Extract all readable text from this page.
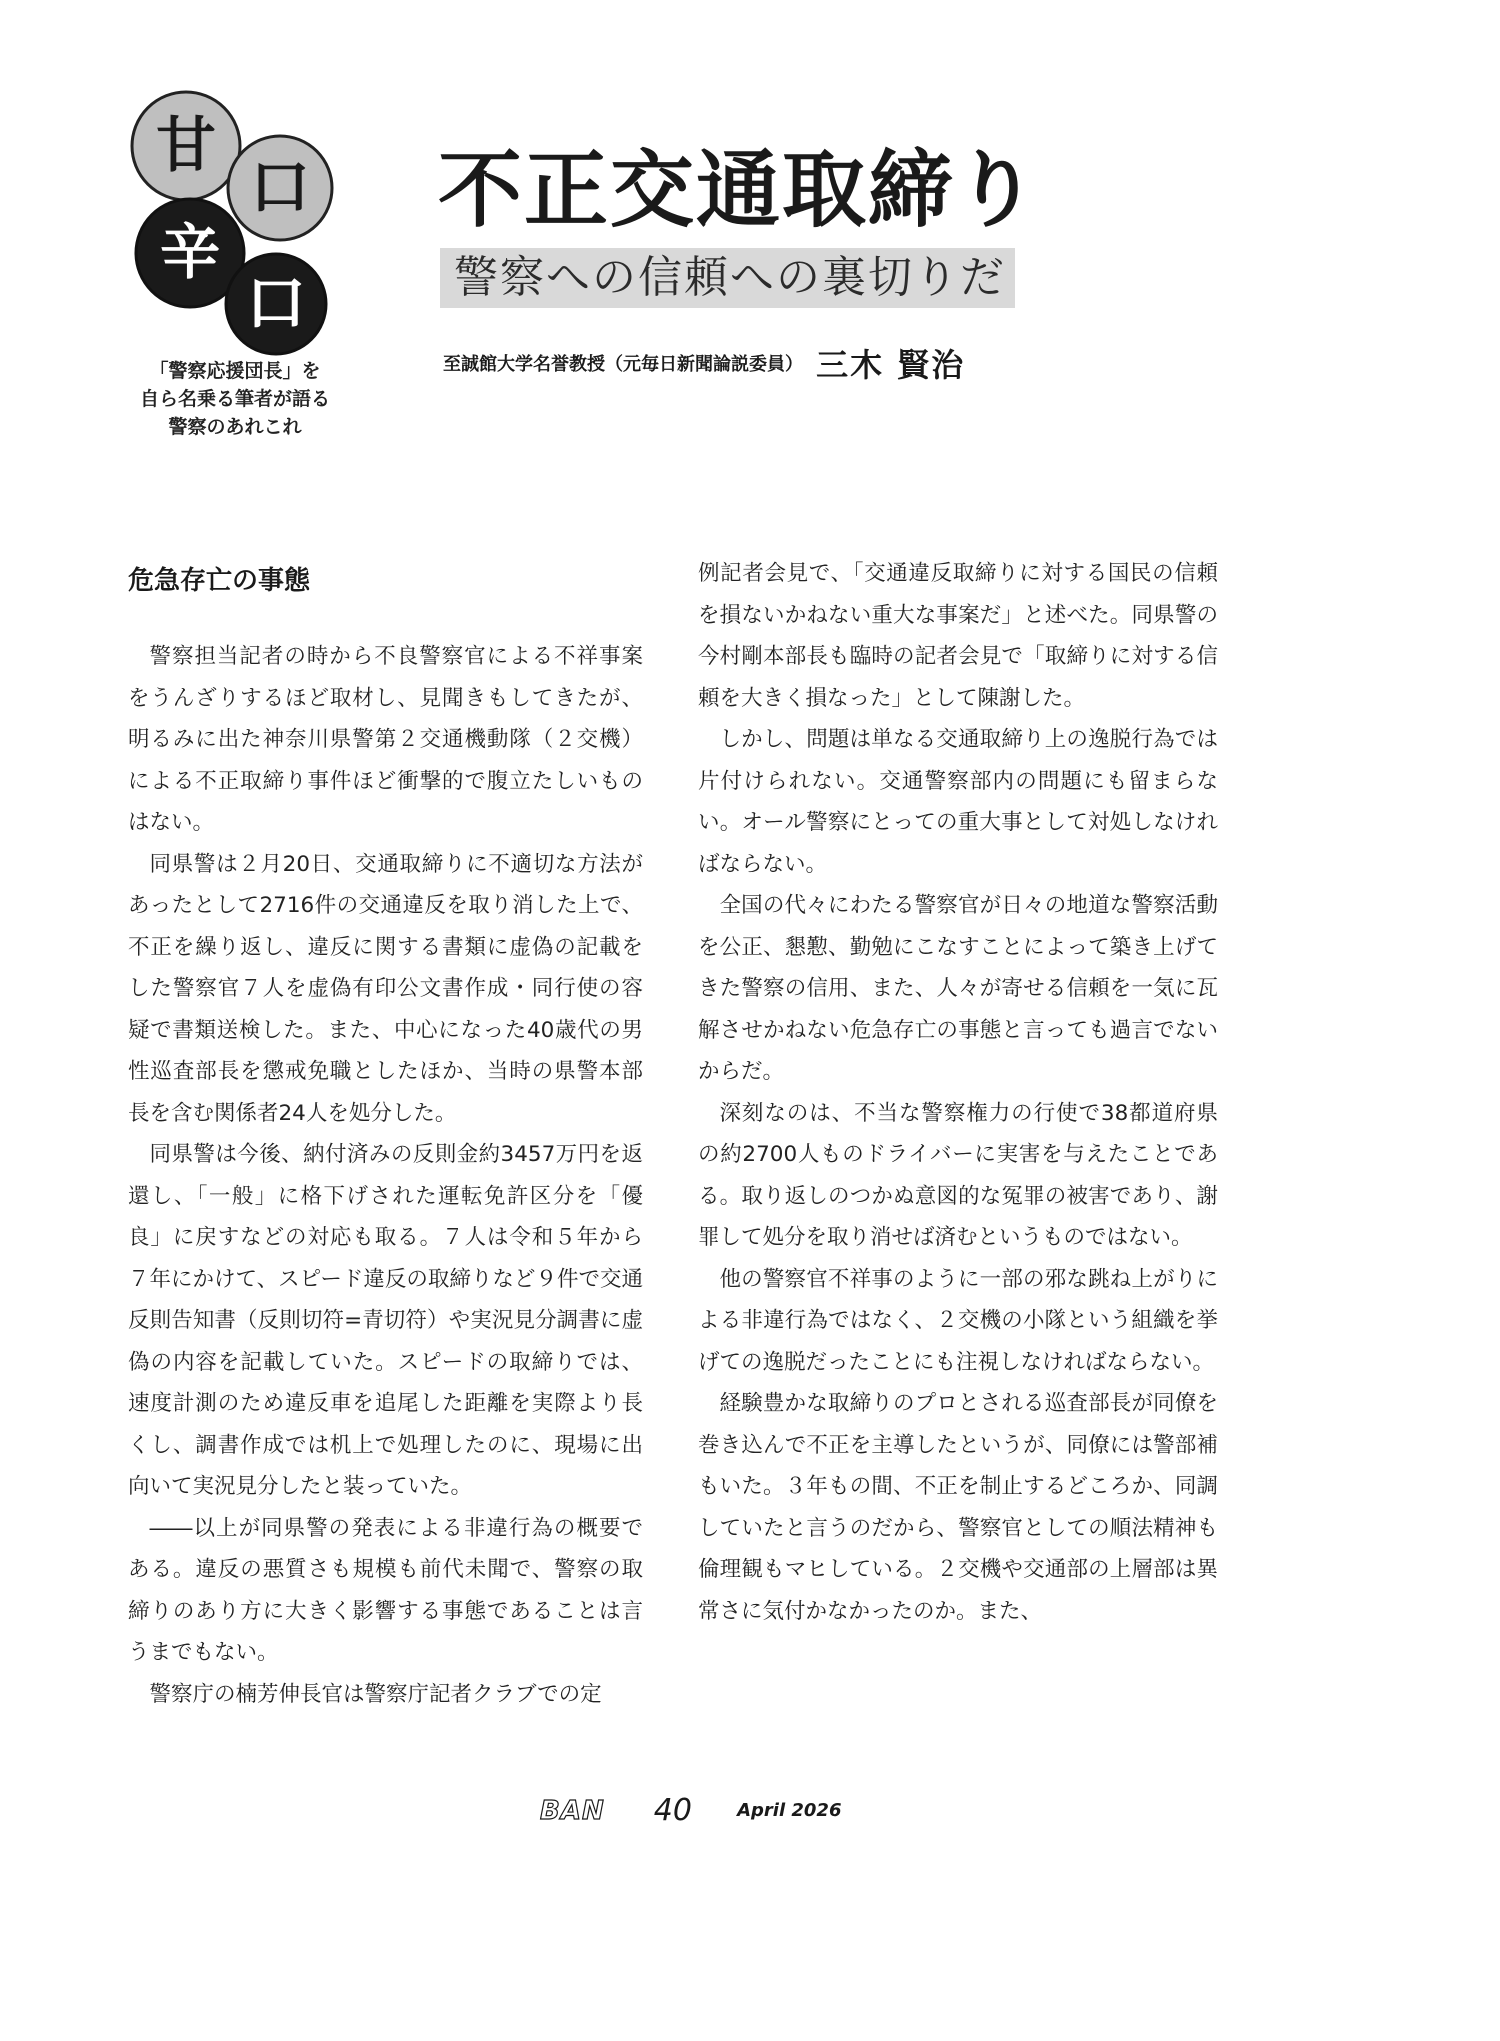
甘
口
辛
口
「警察応援団長」を
自ら名乗る筆者が語る
警察のあれこれ
不正交通取締り
警察への信頼への裏切りだ
至誠館大学名誉教授（元毎日新聞論説委員） 三木 賢治
危急存亡の事態

警察担当記者の時から不良警察官による不祥事案をうんざりするほど取材し、見聞きもしてきたが、明るみに出た神奈川県警第２交通機動隊（２交機）による不正取締り事件ほど衝撃的で腹立たしいものはない。

同県警は２月20日、交通取締りに不適切な方法があったとして2716件の交通違反を取り消した上で、不正を繰り返し、違反に関する書類に虚偽の記載をした警察官７人を虚偽有印公文書作成・同行使の容疑で書類送検した。また、中心になった40歳代の男性巡査部長を懲戒免職としたほか、当時の県警本部長を含む関係者24人を処分した。

同県警は今後、納付済みの反則金約3457万円を返還し、「一般」に格下げされた運転免許区分を「優良」に戻すなどの対応も取る。７人は令和５年から７年にかけて、スピード違反の取締りなど９件で交通反則告知書（反則切符=青切符）や実況見分調書に虚偽の内容を記載していた。スピードの取締りでは、速度計測のため違反車を追尾した距離を実際より長くし、調書作成では机上で処理したのに、現場に出向いて実況見分したと装っていた。

――以上が同県警の発表による非違行為の概要である。違反の悪質さも規模も前代未聞で、警察の取締りのあり方に大きく影響する事態であることは言うまでもない。

警察庁の楠芳伸長官は警察庁記者クラブでの定

例記者会見で、「交通違反取締りに対する国民の信頼を損ないかねない重大な事案だ」と述べた。同県警の今村剛本部長も臨時の記者会見で「取締りに対する信頼を大きく損なった」として陳謝した。

しかし、問題は単なる交通取締り上の逸脱行為では片付けられない。交通警察部内の問題にも留まらない。オール警察にとっての重大事として対処しなければならない。

全国の代々にわたる警察官が日々の地道な警察活動を公正、懇懃、勤勉にこなすことによって築き上げてきた警察の信用、また、人々が寄せる信頼を一気に瓦解させかねない危急存亡の事態と言っても過言でないからだ。

深刻なのは、不当な警察権力の行使で38都道府県の約2700人ものドライバーに実害を与えたことである。取り返しのつかぬ意図的な冤罪の被害であり、謝罪して処分を取り消せば済むというものではない。

他の警察官不祥事のように一部の邪な跳ね上がりによる非違行為ではなく、２交機の小隊という組織を挙げての逸脱だったことにも注視しなければならない。

経験豊かな取締りのプロとされる巡査部長が同僚を巻き込んで不正を主導したというが、同僚には警部補もいた。３年もの間、不正を制止するどころか、同調していたと言うのだから、警察官としての順法精神も倫理観もマヒしている。２交機や交通部の上層部は異常さに気付かなかったのか。また、

BAN 40	April 2026
